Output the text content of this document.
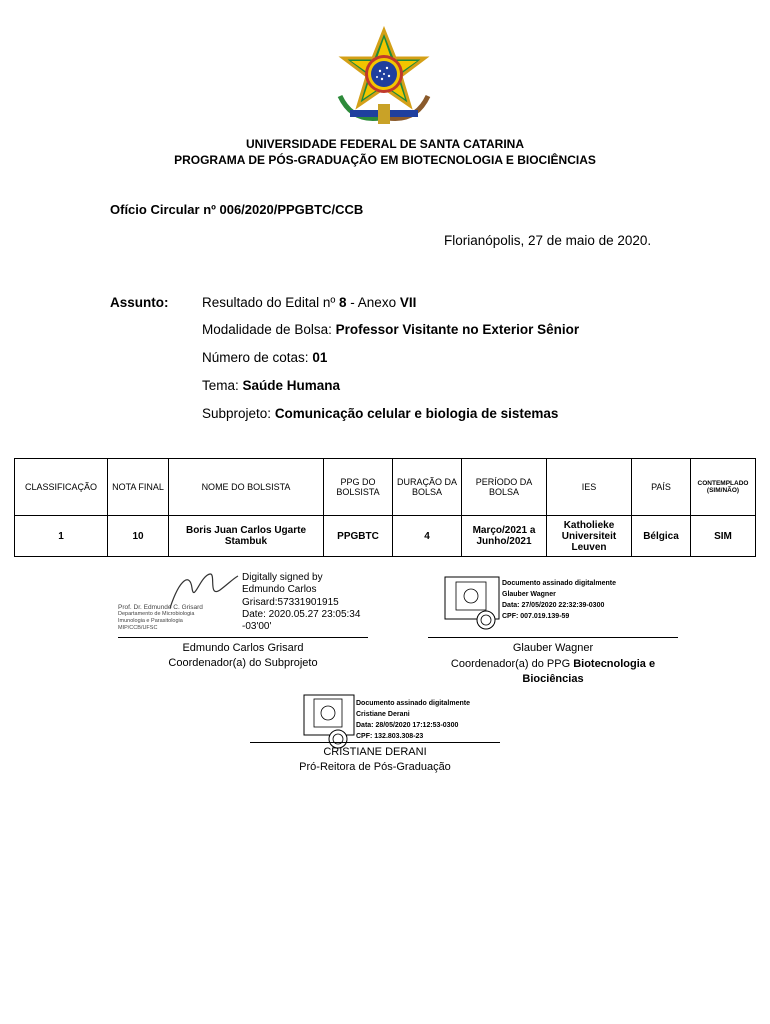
UNIVERSIDADE FEDERAL DE SANTA CATARINA
PROGRAMA DE PÓS-GRADUAÇÃO EM BIOTECNOLOGIA E BIOCIÊNCIAS
Ofício Circular nº 006/2020/PPGBTC/CCB
Florianópolis, 27 de maio de 2020.
Assunto: Resultado do Edital nº 8 - Anexo VII
Modalidade de Bolsa: Professor Visitante no Exterior Sênior
Número de cotas: 01
Tema: Saúde Humana
Subprojeto: Comunicação celular e biologia de sistemas
CLASSIFICAÇÃO	NOTA FINAL	NOME DO BOLSISTA	PPG DO BOLSISTA	DURAÇÃO DA BOLSA	PERÍODO DA BOLSA	IES	PAÍS	CONTEMPLADO (SIM/NÃO)
1	10	Boris Juan Carlos Ugarte Stambuk	PPGBTC	4	Março/2021 a Junho/2021	Katholieke Universiteit Leuven	Bélgica	SIM
Prof. Dr. Edmundo C. Grisard
Departamento de Microbiologia
Imunologia e Parasitologia
MIP/CCB/UFSC
Digitally signed by Edmundo Carlos Grisard:57331901915 Date: 2020.05.27 23:05:34 -03'00'
Edmundo Carlos Grisard
Coordenador(a) do Subprojeto
Documento assinado digitalmente
Glauber Wagner
Data: 27/05/2020 22:32:39-0300
CPF: 007.019.139-59
Glauber Wagner
Coordenador(a) do PPG Biotecnologia e Biociências
Documento assinado digitalmente
Cristiane Derani
Data: 28/05/2020 17:12:53-0300
CPF: 132.803.308-23
CRISTIANE DERANI
Pró-Reitora de Pós-Graduação
